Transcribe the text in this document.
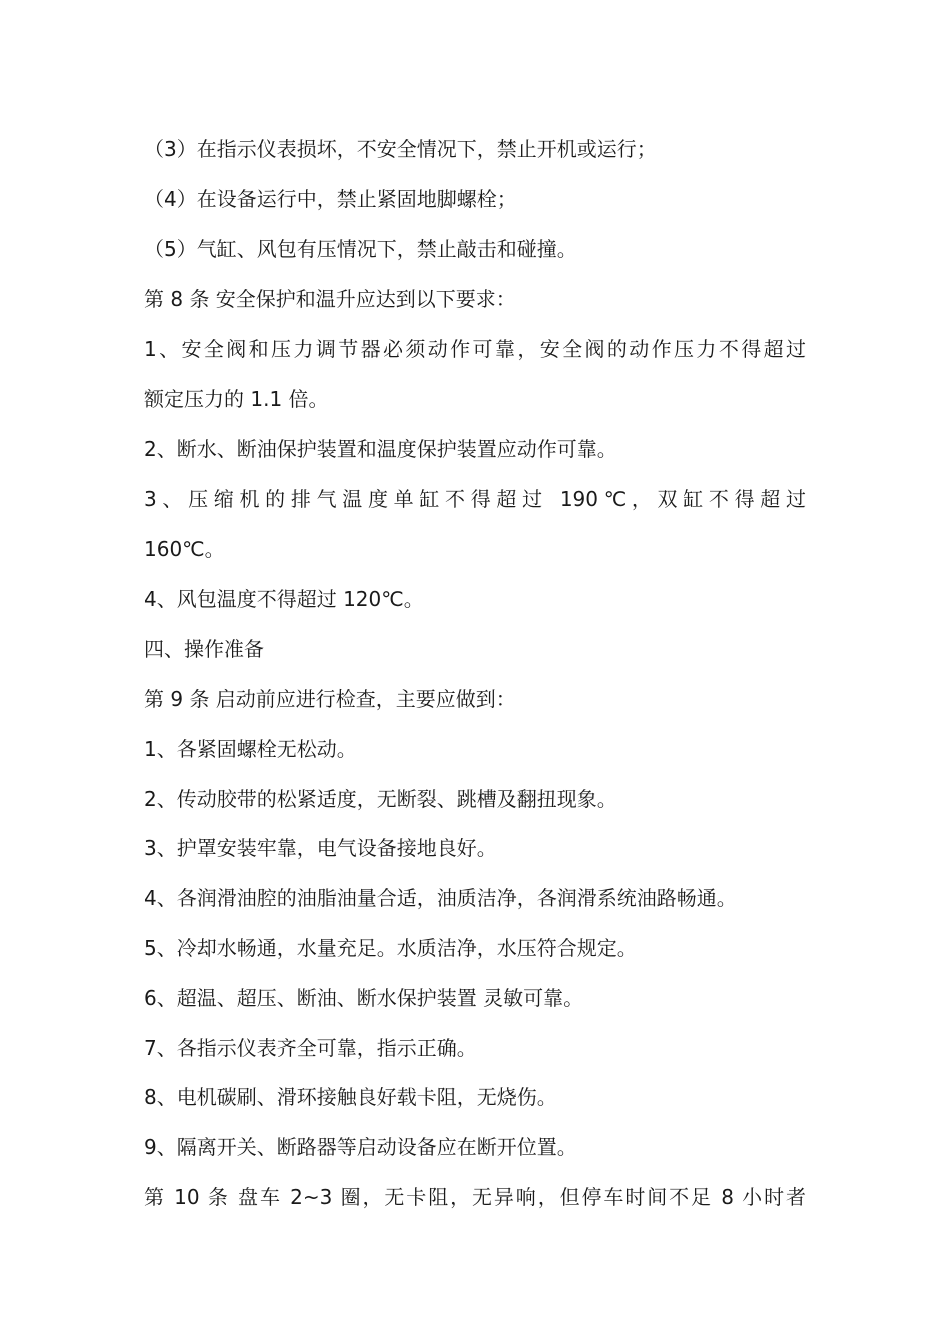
（3）在指示仪表损坏，不安全情况下，禁止开机或运行；
（4）在设备运行中，禁止紧固地脚螺栓；
（5）气缸、风包有压情况下，禁止敲击和碰撞。
第 8 条 安全保护和温升应达到以下要求：
1、安全阀和压力调节器必须动作可靠，安全阀的动作压力不得超过
额定压力的 1.1 倍。
2、断水、断油保护装置和温度保护装置应动作可靠。
3、压缩机的排气温度单缸不得超过 190℃，双缸不得超过
160℃。
4、风包温度不得超过 120℃。
四、操作准备
第 9 条 启动前应进行检查，主要应做到：
1、各紧固螺栓无松动。
2、传动胶带的松紧适度，无断裂、跳槽及翻扭现象。
3、护罩安装牢靠，电气设备接地良好。
4、各润滑油腔的油脂油量合适，油质洁净，各润滑系统油路畅通。
5、冷却水畅通，水量充足。水质洁净，水压符合规定。
6、超温、超压、断油、断水保护装置 灵敏可靠。
7、各指示仪表齐全可靠，指示正确。
8、电机碳刷、滑环接触良好载卡阻，无烧伤。
9、隔离开关、断路器等启动设备应在断开位置。
第 10 条 盘车 2~3 圈，无卡阻，无异响，但停车时间不足 8 小时者
